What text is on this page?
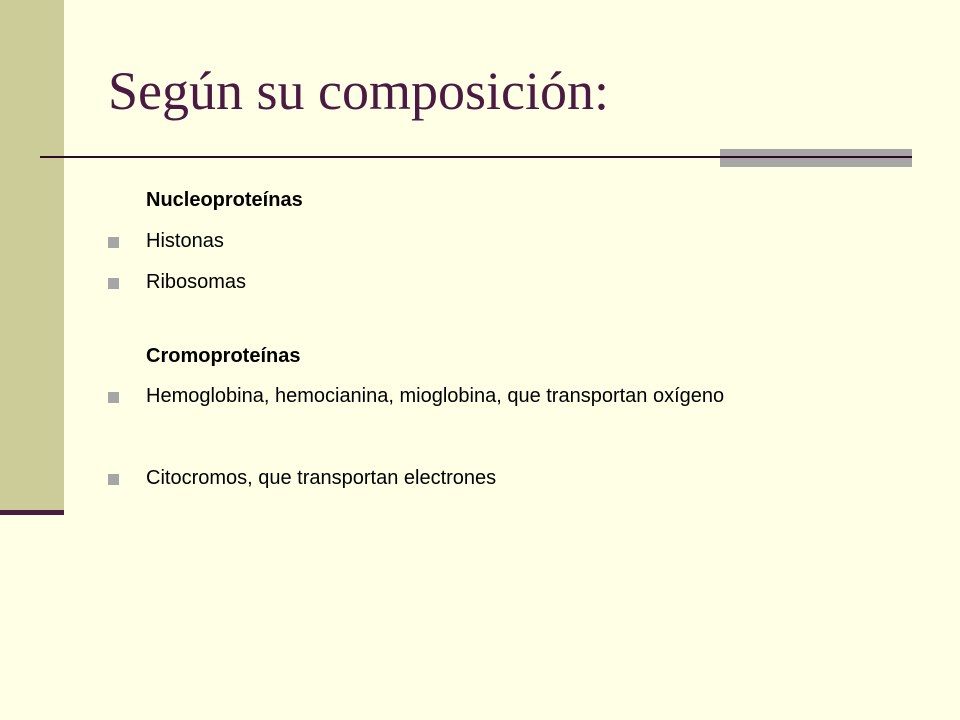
Según su composición:
Nucleoproteínas
Histonas
Ribosomas
Cromoproteínas
Hemoglobina, hemocianina, mioglobina, que transportan oxígeno
Citocromos, que transportan electrones
